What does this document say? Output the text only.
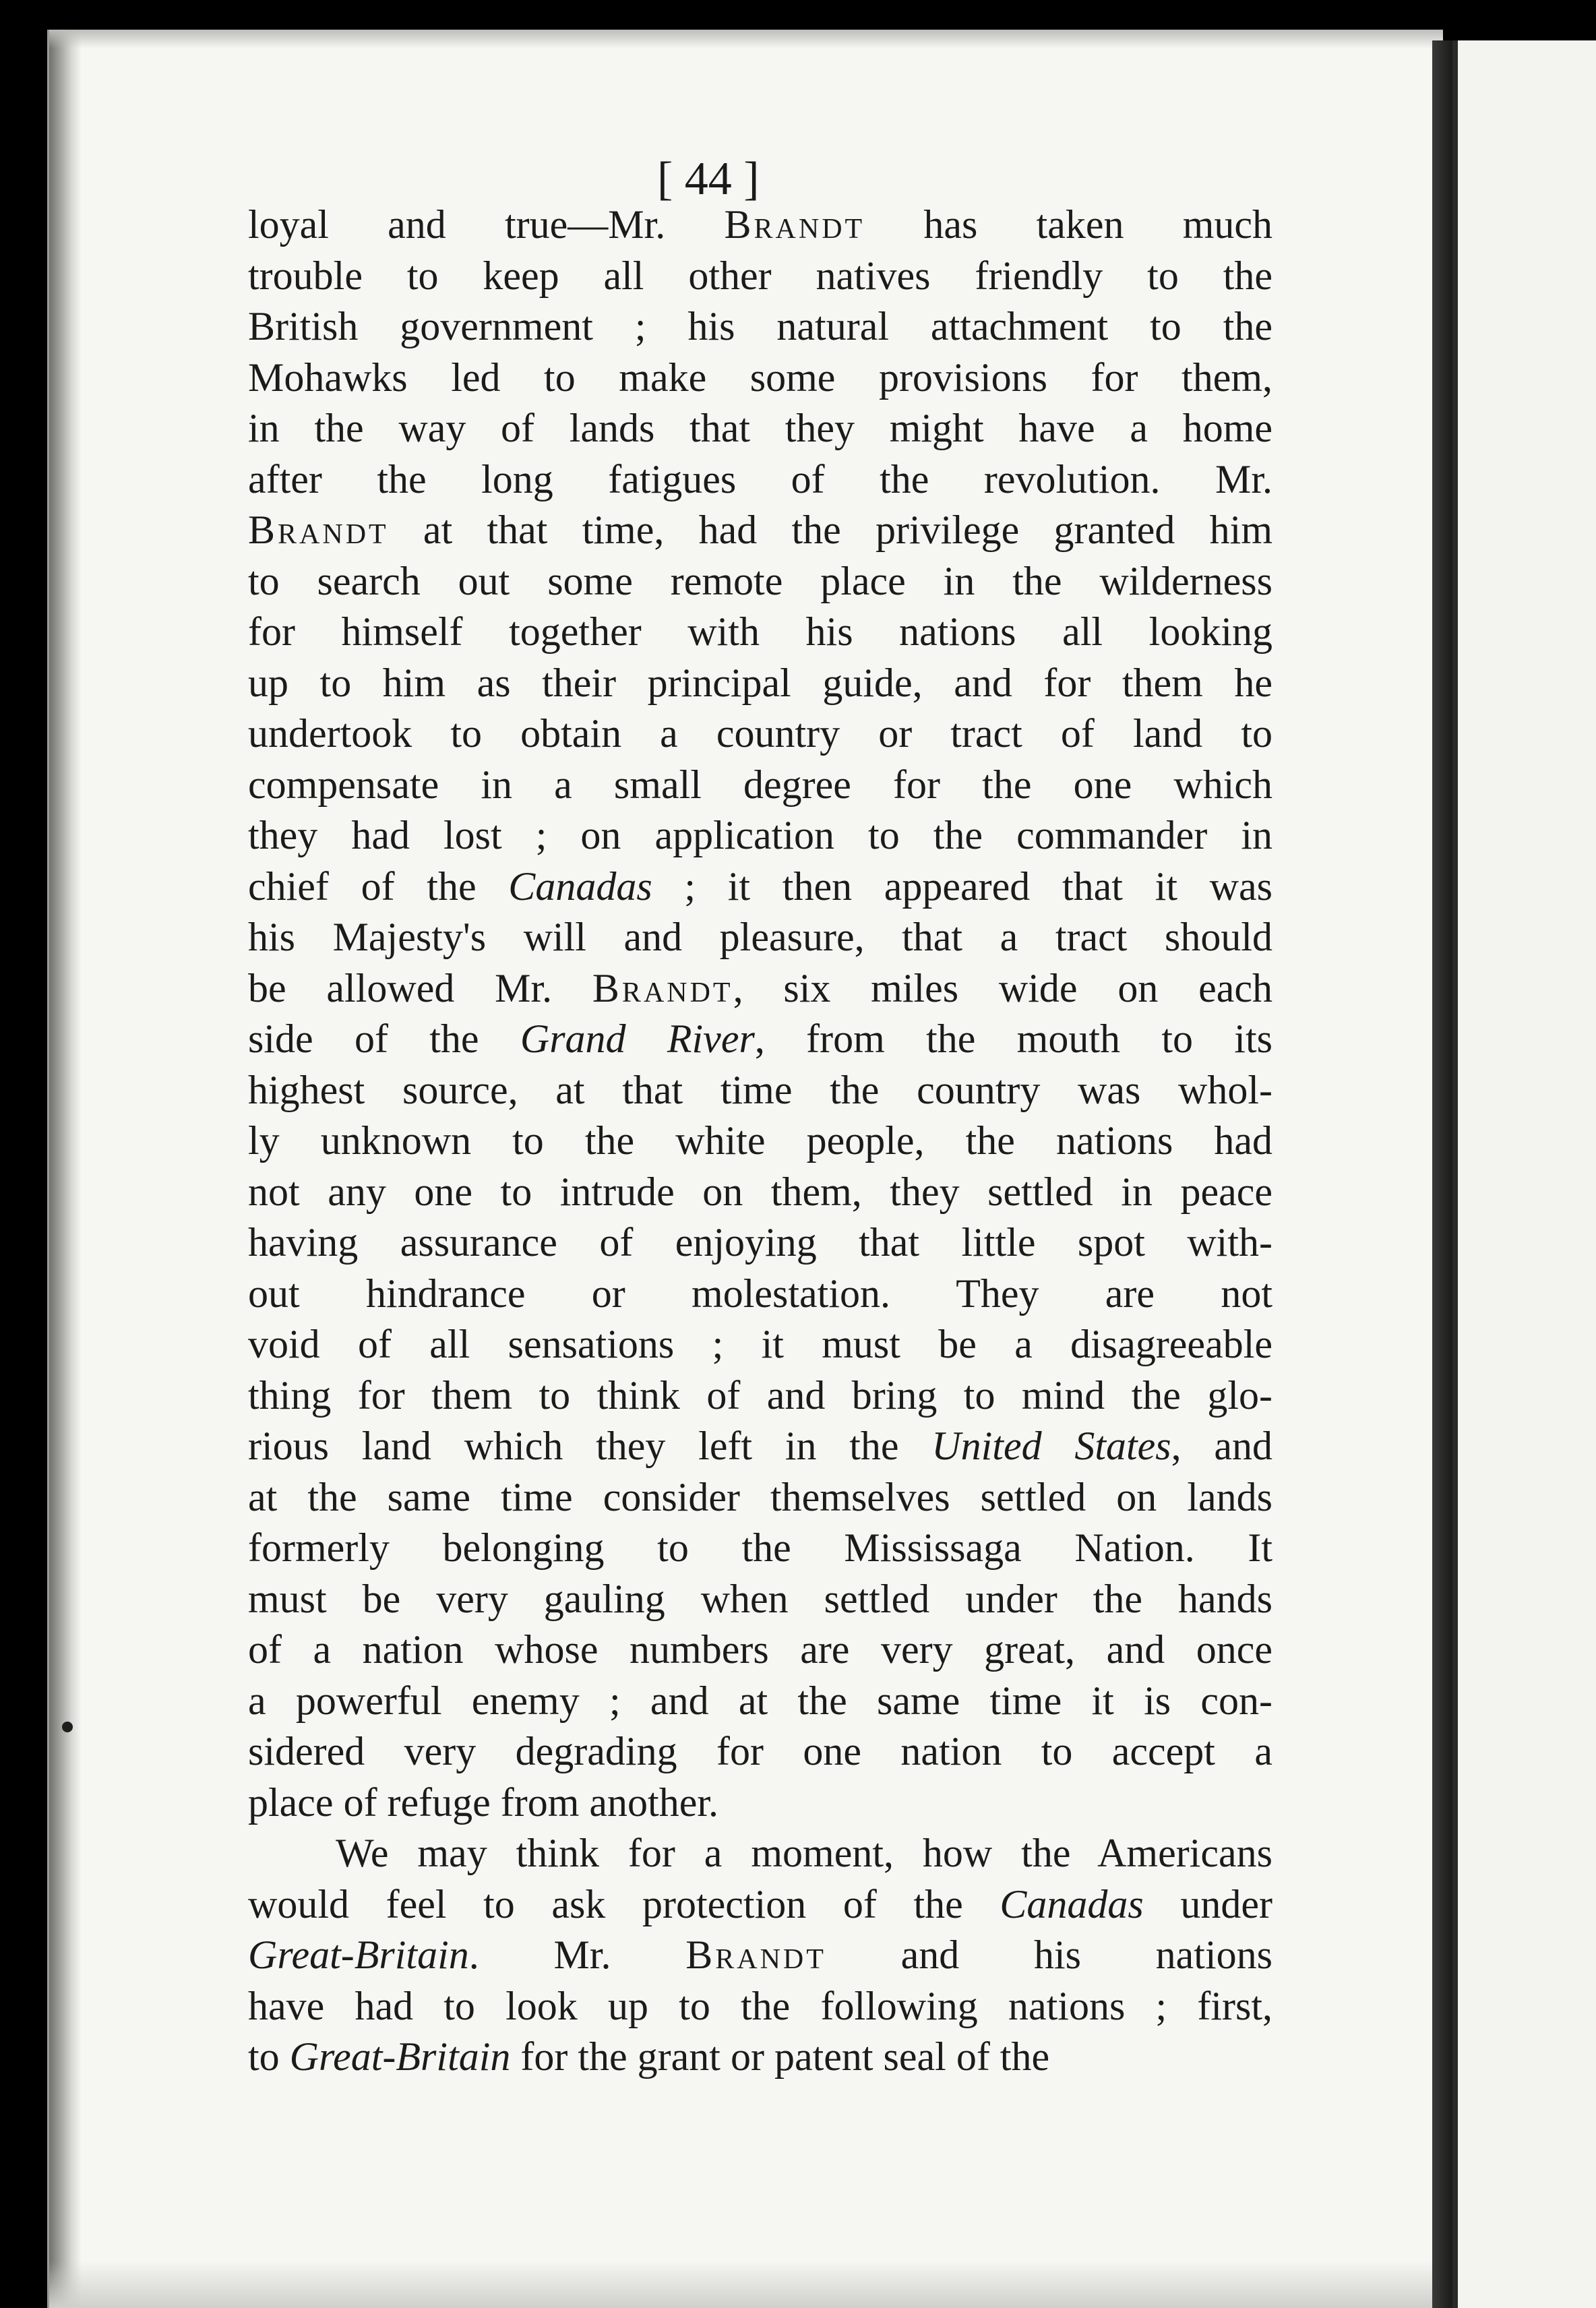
[ 44 ]
loyal and true—Mr. Brandt has taken much
trouble to keep all other natives friendly to the
British government ; his natural attachment to the
Mohawks led to make some provisions for them,
in the way of lands that they might have a home
after the long fatigues of the revolution. Mr.
Brandt at that time, had the privilege granted him
to search out some remote place in the wilderness
for himself together with his nations all looking
up to him as their principal guide, and for them he
undertook to obtain a country or tract of land to
compensate in a small degree for the one which
they had lost ; on application to the commander in
chief of the Canadas ; it then appeared that it was
his Majesty's will and pleasure, that a tract should
be allowed Mr. Brandt, six miles wide on each
side of the Grand River, from the mouth to its
highest source, at that time the country was whol-
ly unknown to the white people, the nations had
not any one to intrude on them, they settled in peace
having assurance of enjoying that little spot with-
out hindrance or molestation. They are not
void of all sensations ; it must be a disagreeable
thing for them to think of and bring to mind the glo-
rious land which they left in the United States, and
at the same time consider themselves settled on lands
formerly belonging to the Mississaga Nation. It
must be very gauling when settled under the hands
of a nation whose numbers are very great, and once
a powerful enemy ; and at the same time it is con-
sidered very degrading for one nation to accept a
place of refuge from another.
We may think for a moment, how the Americans
would feel to ask protection of the Canadas under
Great-Britain. Mr. Brandt and his nations
have had to look up to the following nations ; first,
to Great-Britain for the grant or patent seal of the
